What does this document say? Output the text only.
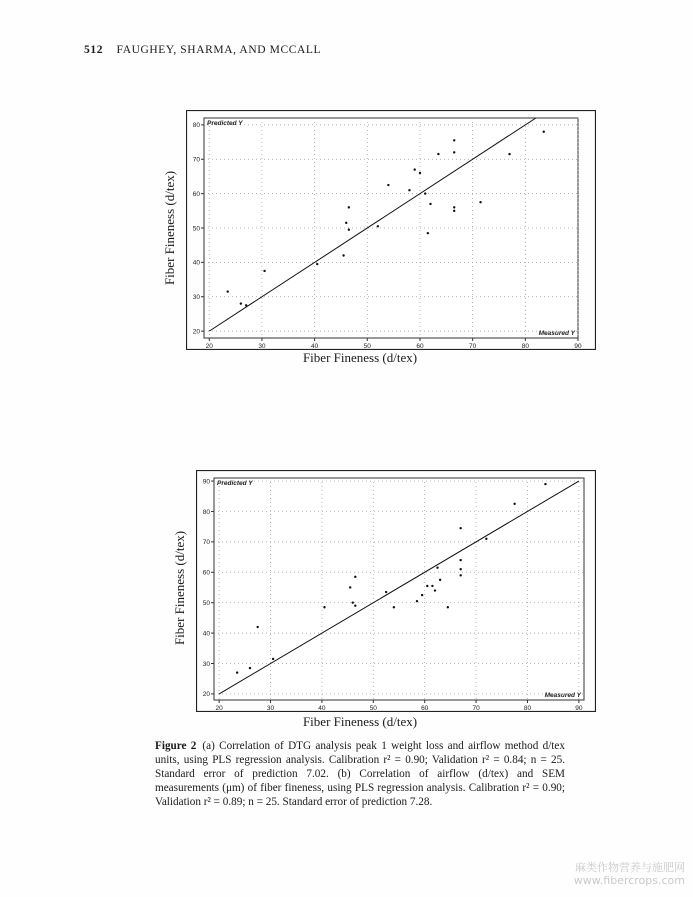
512 FAUGHEY, SHARMA, AND MCCALL
Fiber Fineness (d/tex)
20	30	40	50	60	70	80	90
20
30
40
50
60
70
80 Predicted Y
Measured Y
Fiber Fineness (d/tex)
Fiber Fineness (d/tex)
20	30	40	50	60	70	80	90
20
30
40
50
60
70
80
90 Predicted Y
Measured Y
Fiber Fineness (d/tex)
Figure 2 (a) Correlation of DTG analysis peak 1 weight loss and airflow method d/tex units, using PLS regression analysis. Calibration r² = 0.90; Validation r² = 0.84; n = 25. Standard error of prediction 7.02. (b) Correlation of airflow (d/tex) and SEM measurements (μm) of fiber fineness, using PLS regression analysis. Calibration r² = 0.90; Validation r² = 0.89; n = 25. Standard error of prediction 7.28.
麻类作物营养与施肥网
www.fibercrops.com
